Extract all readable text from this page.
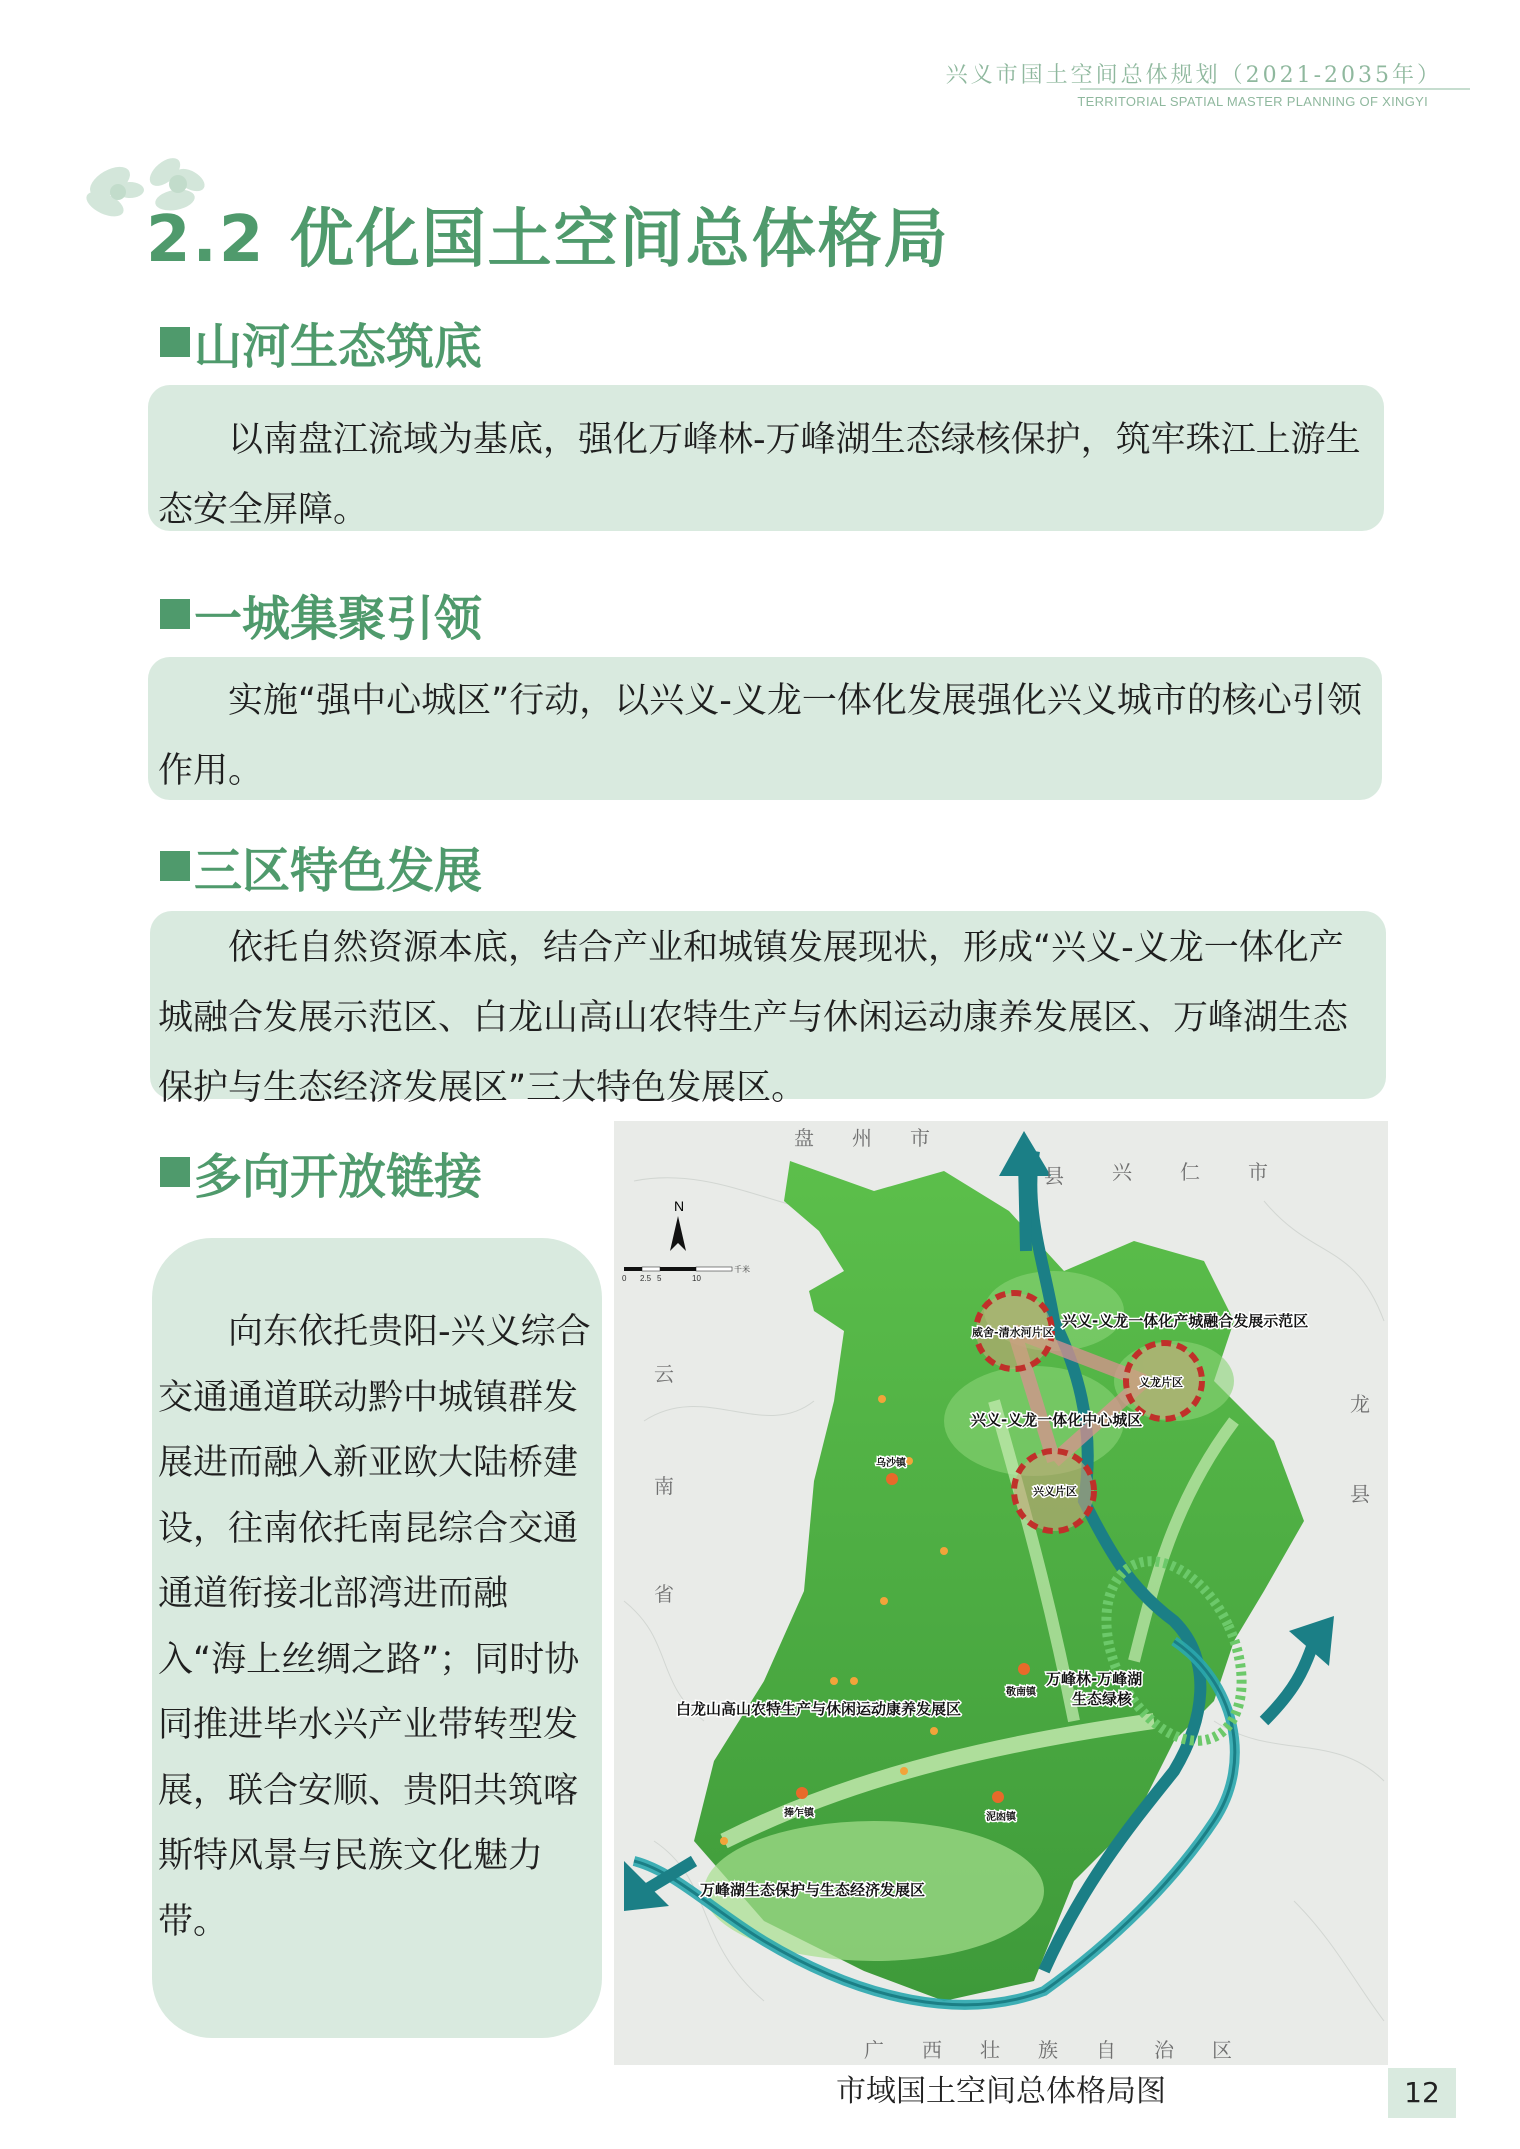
兴义市国土空间总体规划（2021-2035年）
TERRITORIAL SPATIAL MASTER PLANNING OF XINGYI
2.2 优化国土空间总体格局
山河生态筑底

以南盘江流域为基底，强化万峰林-万峰湖生态绿核保护，筑牢珠江上游生态安全屏障。

一城集聚引领

实施“强中心城区”行动，以兴义-义龙一体化发展强化兴义城市的核心引领作用。

三区特色发展

依托自然资源本底，结合产业和城镇发展现状，形成“兴义-义龙一体化产城融合发展示范区、白龙山高山农特生产与休闲运动康养发展区、万峰湖生态保护与生态经济发展区”三大特色发展区。

多向开放链接

向东依托贵阳-兴义综合交通通道联动黔中城镇群发展进而融入新亚欧大陆桥建设，往南依托南昆综合交通通道衔接北部湾进而融入“海上丝绸之路”；同时协同推进毕水兴产业带转型发展，联合安顺、贵阳共筑喀斯特风景与民族文化魅力带。

N
0 2.5 5	10
千米
盘 州 市
县 兴 仁 市
云
南
省
龙
县
广 西 壮 族 自 治 区
威舍-清水河片区
兴义-义龙一体化产城融合发展示范区
义龙片区
兴义-义龙一体化中心城区
兴义片区
乌沙镇
敬南镇
万峰林-万峰湖
生态绿核
白龙山高山农特生产与休闲运动康养发展区
捧乍镇	泥凼镇
万峰湖生态保护与生态经济发展区
市域国土空间总体格局图	12
